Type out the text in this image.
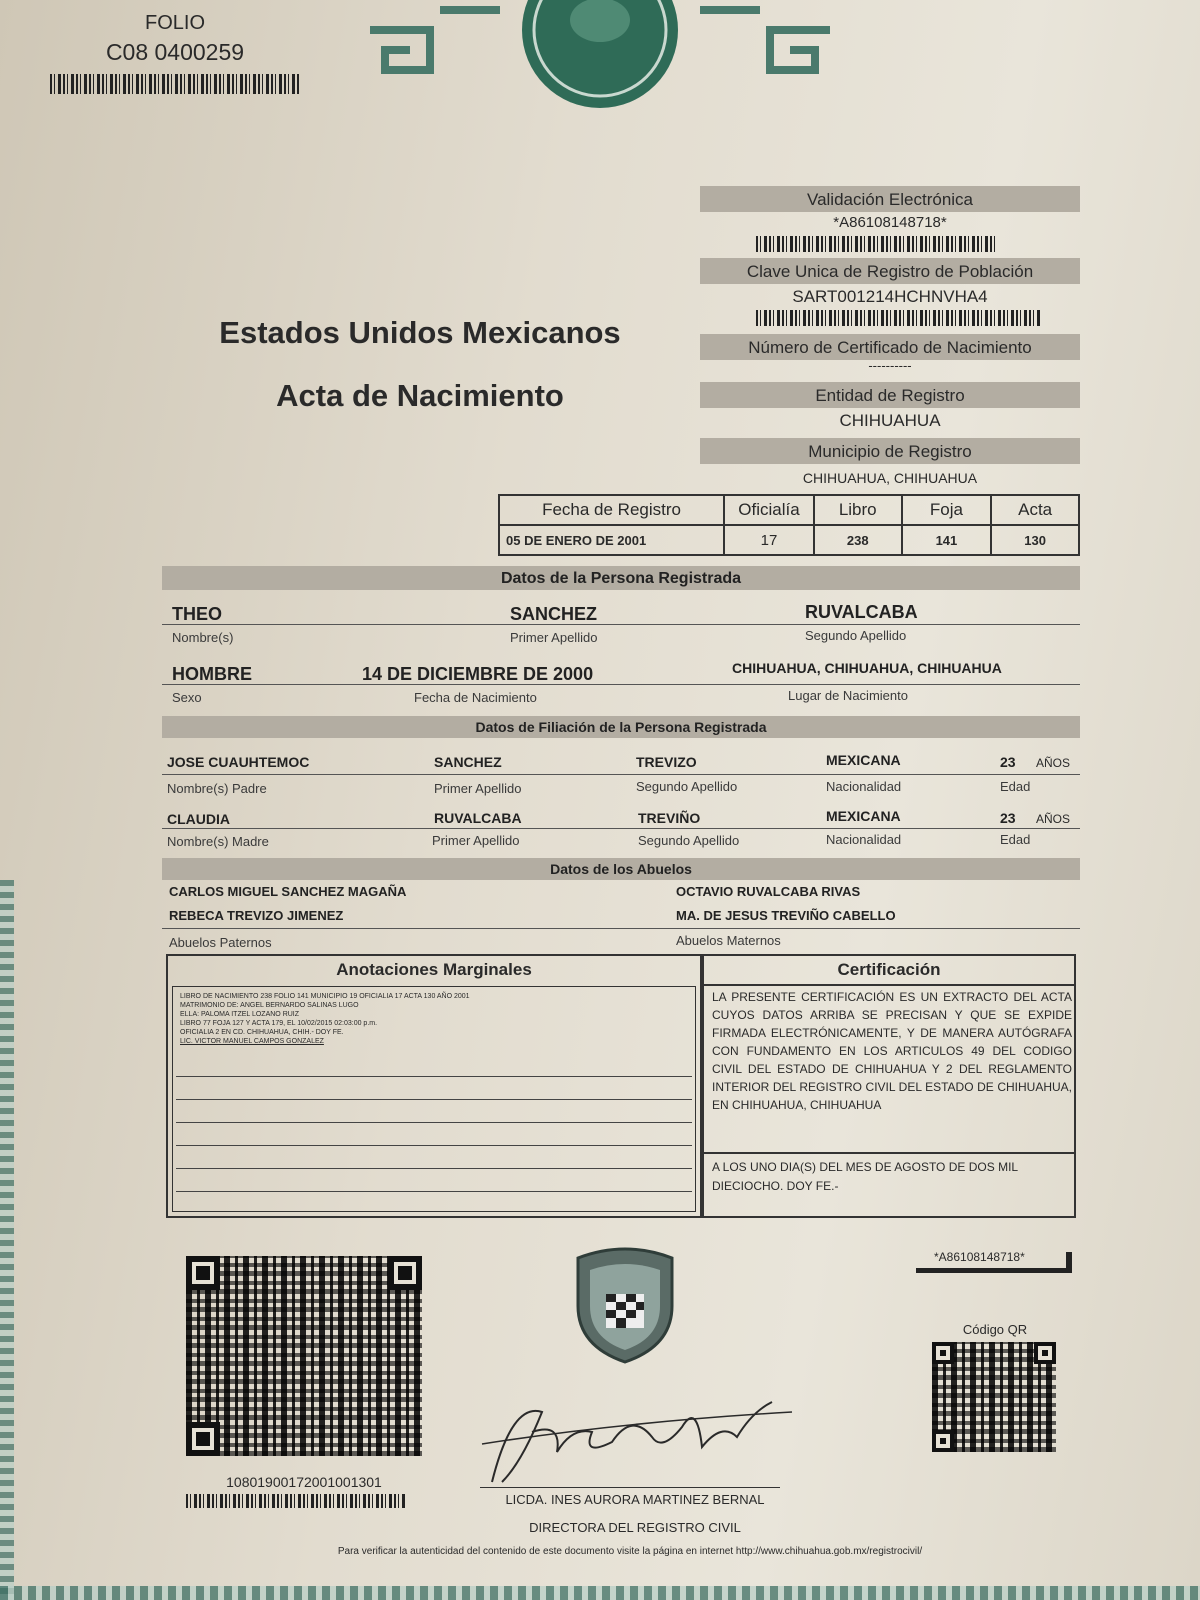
FOLIO
C08 0400259
Estados Unidos Mexicanos
Acta de Nacimiento
Validación Electrónica
*A86108148718*
Clave Unica de Registro de Población
SART001214HCHNVHA4
Número de Certificado de Nacimiento
----------
Entidad de Registro
CHIHUAHUA
Municipio de Registro
CHIHUAHUA, CHIHUAHUA
Fecha de Registro	Oficialía	Libro	Foja	Acta
05 DE ENERO DE 2001	17	238	141	130
Datos de la Persona Registrada
THEO	SANCHEZ	RUVALCABA
Nombre(s)	Primer Apellido	Segundo Apellido
HOMBRE	14 DE DICIEMBRE DE 2000	CHIHUAHUA, CHIHUAHUA, CHIHUAHUA
Sexo	Fecha de Nacimiento	Lugar de Nacimiento
Datos de Filiación de la Persona Registrada
JOSE CUAUHTEMOC	SANCHEZ	TREVIZO	MEXICANA	23 AÑOS
Nombre(s) Padre	Primer Apellido	Segundo Apellido	Nacionalidad	Edad
CLAUDIA	RUVALCABA	TREVIÑO	MEXICANA	23 AÑOS
Nombre(s) Madre	Primer Apellido	Segundo Apellido	Nacionalidad	Edad
Datos de los Abuelos
CARLOS MIGUEL SANCHEZ MAGAÑA
REBECA TREVIZO JIMENEZ
OCTAVIO RUVALCABA RIVAS
MA. DE JESUS TREVIÑO CABELLO
Abuelos Paternos	Abuelos Maternos
Anotaciones Marginales
LIBRO DE NACIMIENTO 238 FOLIO 141 MUNICIPIO 19 OFICIALIA 17 ACTA 130 AÑO 2001
MATRIMONIO DE: ANGEL BERNARDO SALINAS LUGO
ELLA: PALOMA ITZEL LOZANO RUIZ
LIBRO 77 FOJA 127 Y ACTA 179, EL 10/02/2015 02:03:00 p.m.
OFICIALIA 2 EN CD. CHIHUAHUA, CHIH.- DOY FE.
LIC. VICTOR MANUEL CAMPOS GONZALEZ
Certificación
LA PRESENTE CERTIFICACIÓN ES UN EXTRACTO DEL ACTA CUYOS DATOS ARRIBA SE PRECISAN Y QUE SE EXPIDE FIRMADA ELECTRÓNICAMENTE, Y DE MANERA AUTÓGRAFA CON FUNDAMENTO EN LOS ARTICULOS 49 DEL CODIGO CIVIL DEL ESTADO DE CHIHUAHUA Y 2 DEL REGLAMENTO INTERIOR DEL REGISTRO CIVIL DEL ESTADO DE CHIHUAHUA, EN CHIHUAHUA, CHIHUAHUA
A LOS UNO DIA(S) DEL MES DE AGOSTO DE DOS MIL DIECIOCHO. DOY FE.-
10801900172001001301
LICDA. INES AURORA MARTINEZ BERNAL
DIRECTORA DEL REGISTRO CIVIL
*A86108148718*
Código QR
Para verificar la autenticidad del contenido de este documento visite la página en internet http://www.chihuahua.gob.mx/registrocivil/
